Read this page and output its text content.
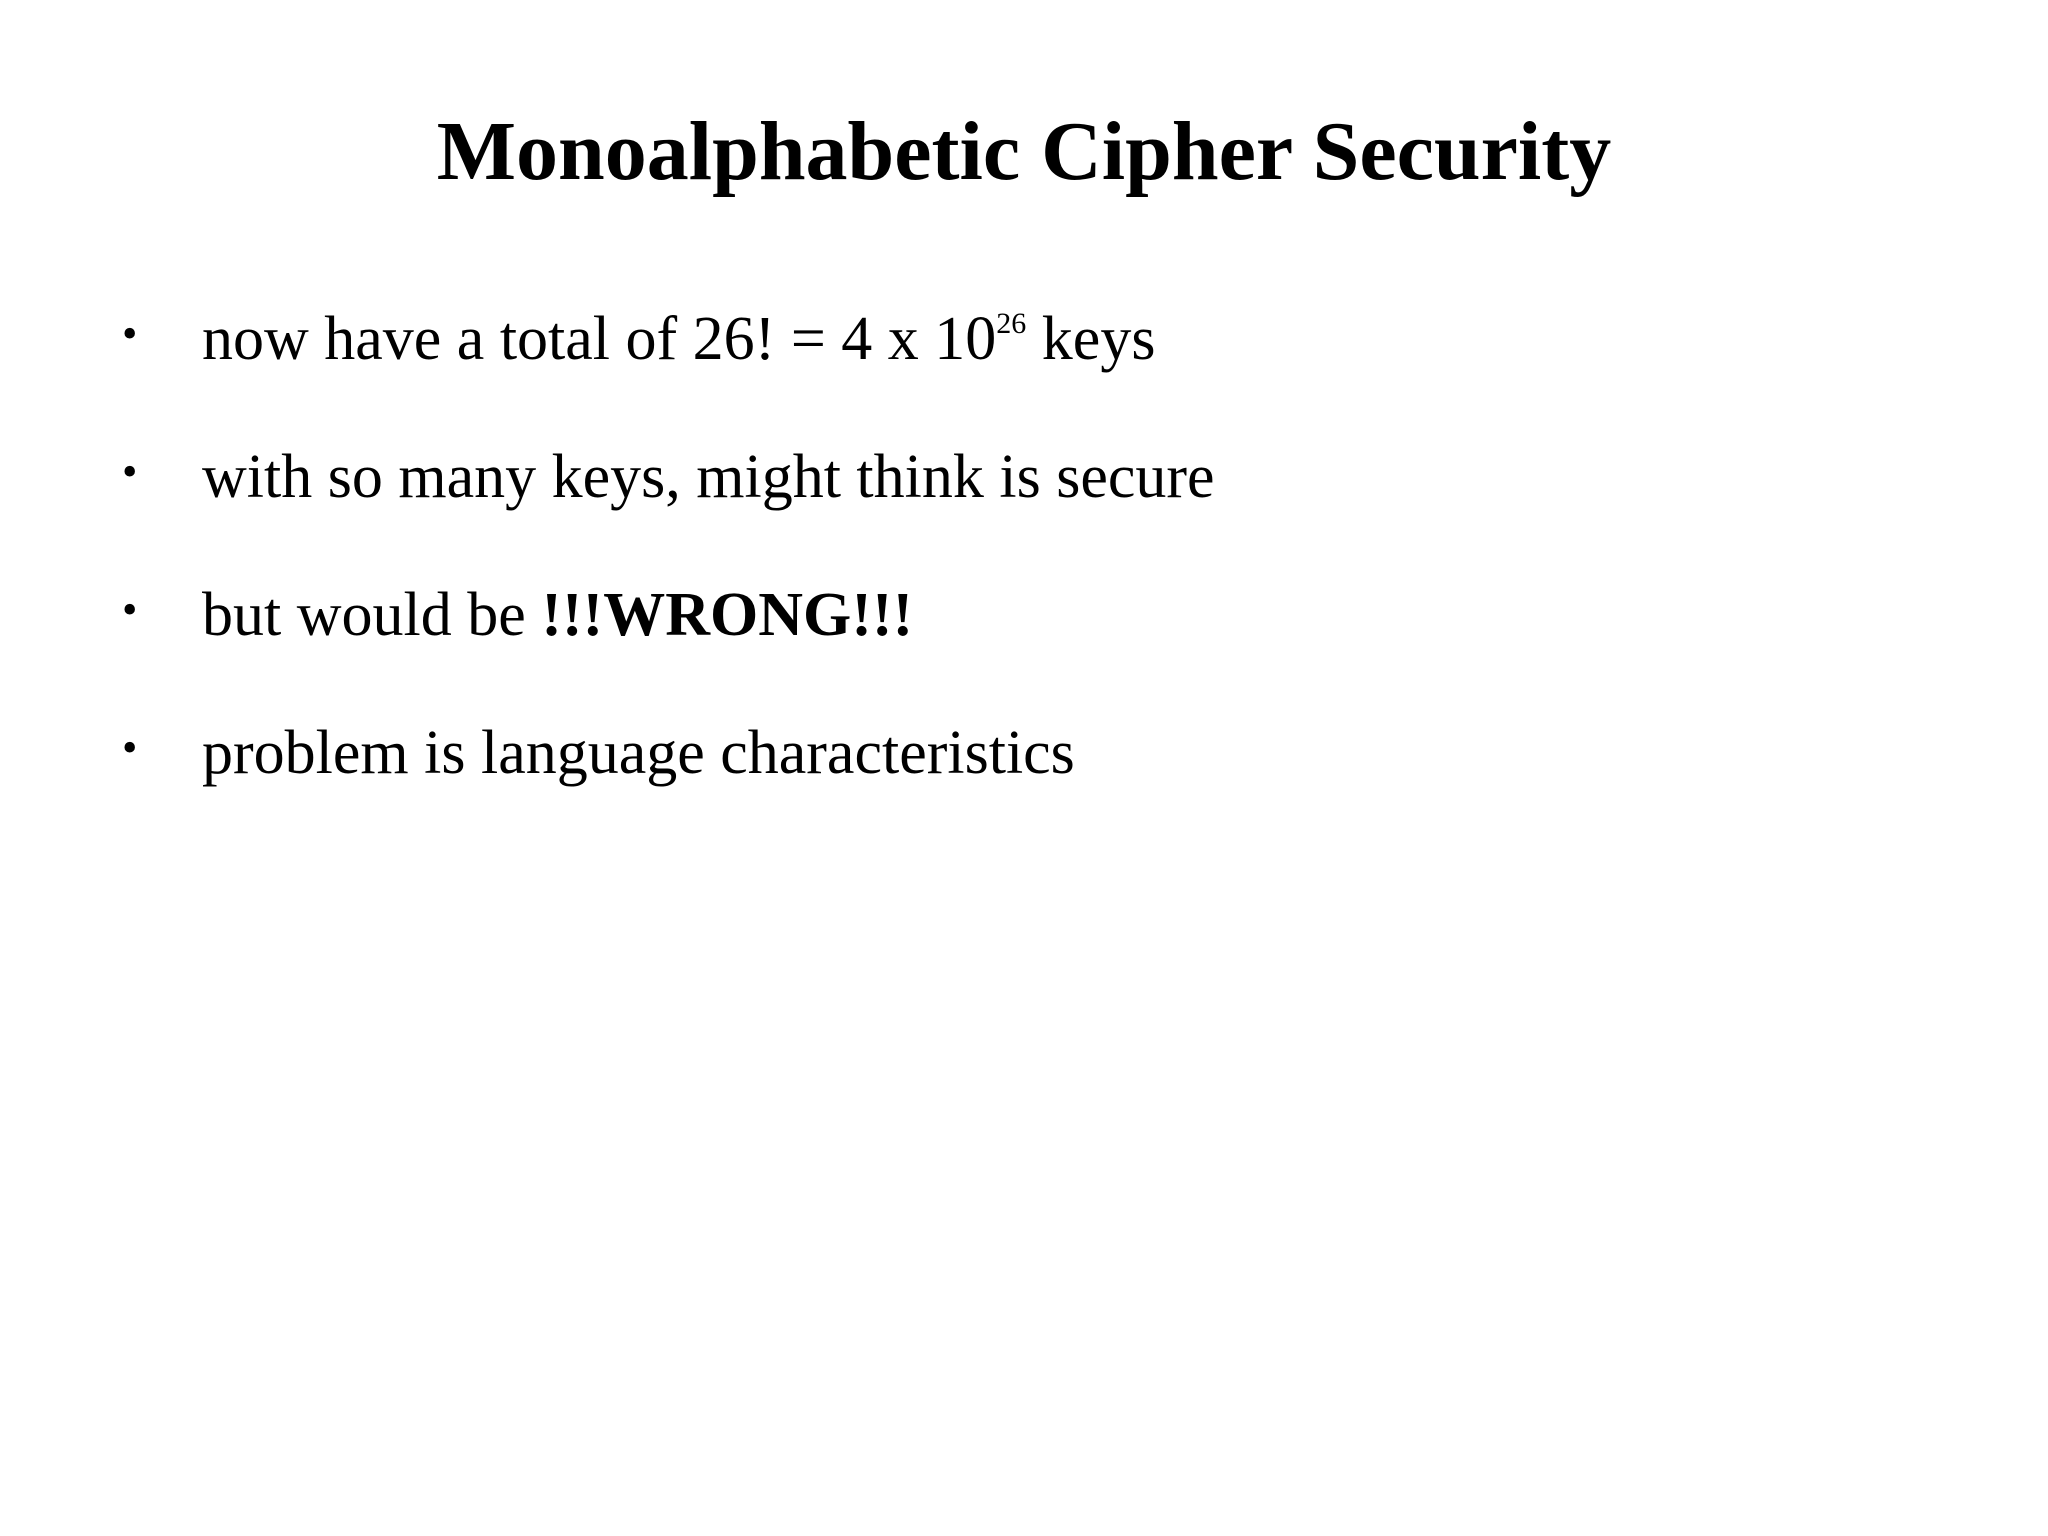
Monoalphabetic Cipher Security
• now have a total of 26! = 4 x $10^{26}$ keys
• with so many keys, might think is secure
• but would be !!!WRONG!!!
• problem is language characteristics
